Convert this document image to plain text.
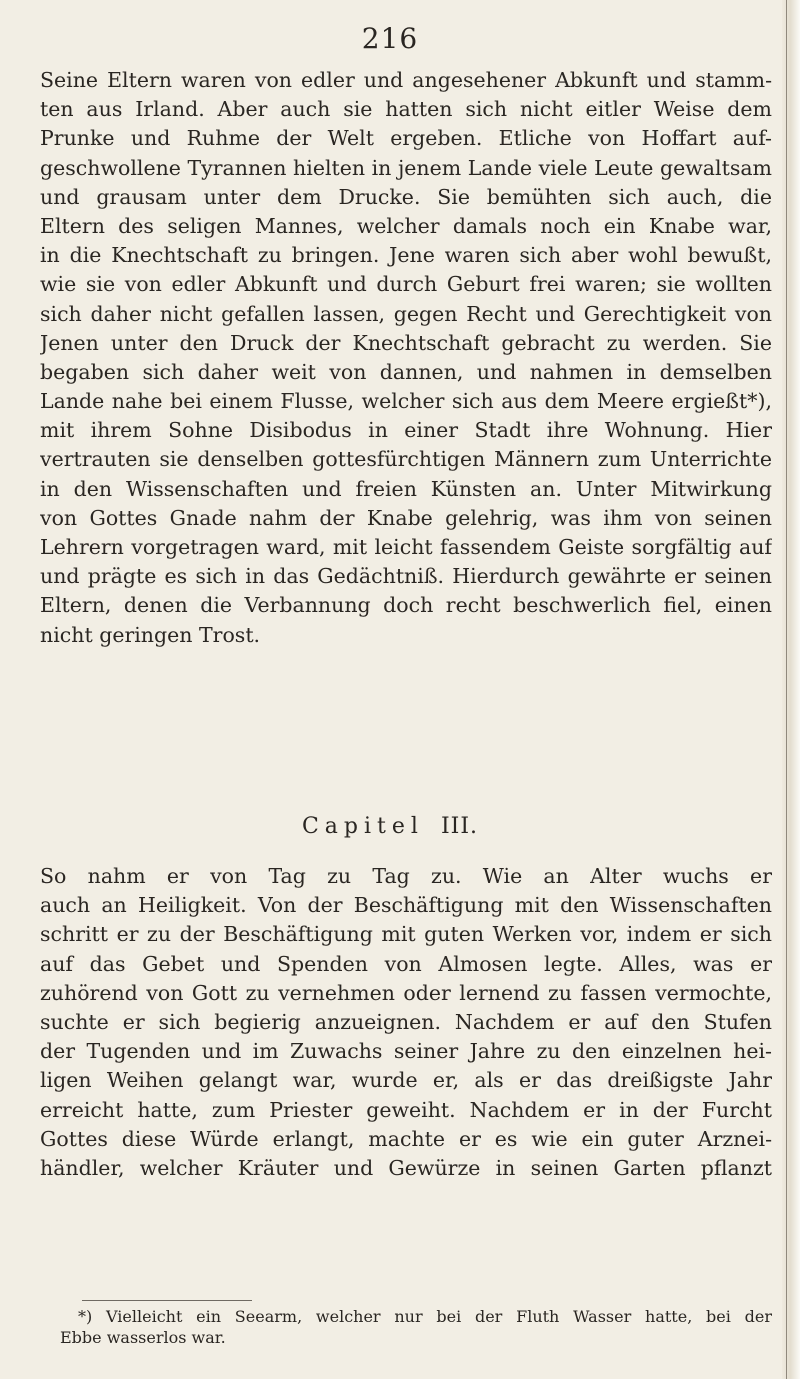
216
Seine Eltern waren von edler und angesehener Abkunft und stamm-
ten aus Irland. Aber auch sie hatten sich nicht eitler Weise dem
Prunke und Ruhme der Welt ergeben. Etliche von Hoffart auf-
geschwollene Tyrannen hielten in jenem Lande viele Leute gewaltsam
und grausam unter dem Drucke. Sie bemühten sich auch, die
Eltern des seligen Mannes, welcher damals noch ein Knabe war,
in die Knechtschaft zu bringen. Jene waren sich aber wohl bewußt,
wie sie von edler Abkunft und durch Geburt frei waren; sie wollten
sich daher nicht gefallen lassen, gegen Recht und Gerechtigkeit von
Jenen unter den Druck der Knechtschaft gebracht zu werden. Sie
begaben sich daher weit von dannen, und nahmen in demselben
Lande nahe bei einem Flusse, welcher sich aus dem Meere ergießt*),
mit ihrem Sohne Disibodus in einer Stadt ihre Wohnung. Hier
vertrauten sie denselben gottesfürchtigen Männern zum Unterrichte
in den Wissenschaften und freien Künsten an. Unter Mitwirkung
von Gottes Gnade nahm der Knabe gelehrig, was ihm von seinen
Lehrern vorgetragen ward, mit leicht fassendem Geiste sorgfältig auf
und prägte es sich in das Gedächtniß. Hierdurch gewährte er seinen
Eltern, denen die Verbannung doch recht beschwerlich fiel, einen
nicht geringen Trost.
Capitel III.
So nahm er von Tag zu Tag zu. Wie an Alter wuchs er
auch an Heiligkeit. Von der Beschäftigung mit den Wissenschaften
schritt er zu der Beschäftigung mit guten Werken vor, indem er sich
auf das Gebet und Spenden von Almosen legte. Alles, was er
zuhörend von Gott zu vernehmen oder lernend zu fassen vermochte,
suchte er sich begierig anzueignen. Nachdem er auf den Stufen
der Tugenden und im Zuwachs seiner Jahre zu den einzelnen hei-
ligen Weihen gelangt war, wurde er, als er das dreißigste Jahr
erreicht hatte, zum Priester geweiht. Nachdem er in der Furcht
Gottes diese Würde erlangt, machte er es wie ein guter Arznei-
händler, welcher Kräuter und Gewürze in seinen Garten pflanzt
*) Vielleicht ein Seearm, welcher nur bei der Fluth Wasser hatte, bei der
Ebbe wasserlos war.
